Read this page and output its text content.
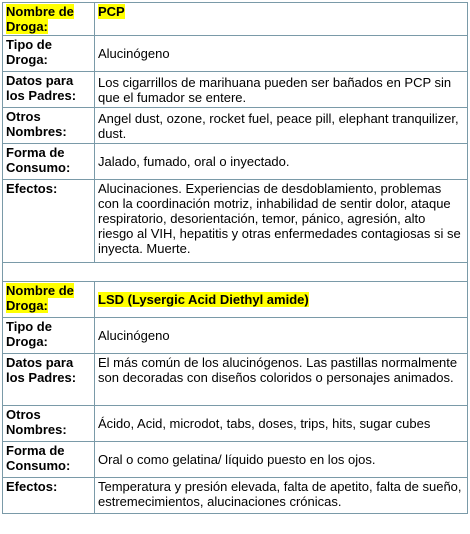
Nombre de Droga:	PCP
Tipo de Droga:	Alucinógeno
Datos para los Padres:	Los cigarrillos de marihuana pueden ser bañados en PCP sin que el fumador se entere.
Otros Nombres:	Angel dust, ozone, rocket fuel, peace pill, elephant tranquilizer, dust.
Forma de Consumo:	Jalado, fumado, oral o inyectado.
Efectos:	Alucinaciones. Experiencias de desdoblamiento, problemas con la coordinación motriz, inhabilidad de sentir dolor, ataque respiratorio, desorientación, temor, pánico, agresión, alto riesgo al VIH, hepatitis y otras enfermedades contagiosas si se inyecta. Muerte.

Nombre de Droga:	LSD (Lysergic Acid Diethyl amide)
Tipo de Droga:	Alucinógeno
Datos para los Padres:	El más común de los alucinógenos. Las pastillas normalmente son decoradas con diseños coloridos o personajes animados.
Otros Nombres:	Ácido, Acid, microdot, tabs, doses, trips, hits, sugar cubes
Forma de Consumo:	Oral o como gelatina/ líquido puesto en los ojos.
Efectos:	Temperatura y presión elevada, falta de apetito, falta de sueño, estremecimientos, alucinaciones crónicas.
